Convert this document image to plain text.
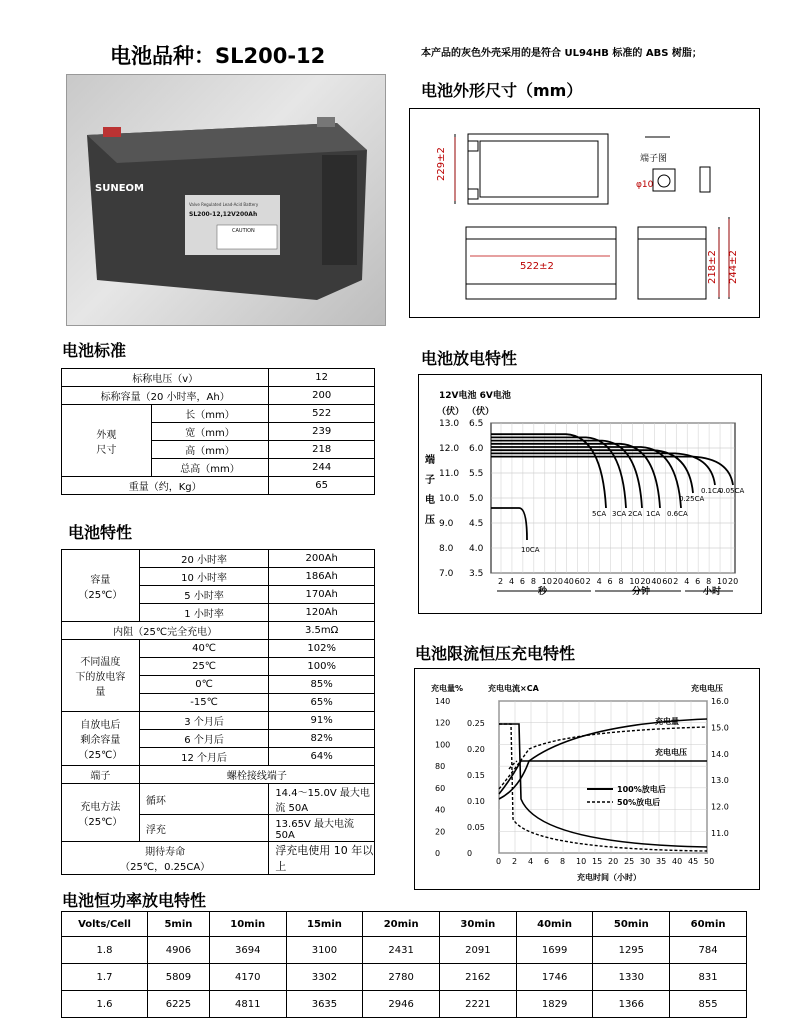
电池品种：SL200-12	本产品的灰色外壳采用的是符合 UL94HB 标准的 ABS 树脂；
SUNEOM
Valve Regulated Lead-Acid Battery
SL200-12,12V200Ah
CAUTION
电池外形尺寸（mm）
229±2
522±2	218±2 244±2
φ10
端子图
电池标准
标称电压（v）		12
标称容量（20 小时率，Ah）		200
外观
尺寸	长（mm）	522
	宽（mm）	239
	高（mm）	218
	总高（mm）	244
重量（约，Kg）		65
电池特性
容量
（25℃）	20 小时率	200Ah
	10 小时率	186Ah
	5 小时率	170Ah
	1 小时率	120Ah
内阻（25℃完全充电）		3.5mΩ
不同温度
下的放电容
量	40℃	102%
	25℃	100%
	0℃	85%
	-15℃	65%
自放电后
剩余容量
（25℃）	3 个月后	91%
	6 个月后	82%
	12 个月后	64%
端子	螺栓接线端子	
充电方法
（25℃）	循环	14.4～15.0V 最大电流 50A
	浮充	13.65V 最大电流 50A
期待寿命
（25℃，0.25CA）		浮充电使用 10 年以上
电池放电特性
13.0 6.5
12.0 6.0
11.0 5.5
10.0 5.0
9.0 4.5
8.0 4.0
7.0 3.5
2 4 6 8 10 20 40 60 2 4 6 8 10 20 40 60 2 4 6 8 10 20
12V电池 6V电池
（伏） （伏）
端
子
电
压
秒	分钟	小时
10CA
5CA 3CA 2CA 1CA 0.6CA
0.25CA
0.1CA
0.05CA
电池限流恒压充电特性
充电量%	充电电流×CA	充电电压
140
120
100
80
60
40
20
0
0.25
0.20
0.15
0.10
0.05
0
16.0
15.0
14.0
13.0
12.0
11.0
0 2 4 6 8 10 15 20 25 30 35 40 45 50
充电时间（小时）
充电量
充电电压
100%放电后
50%放电后
电池恒功率放电特性
Volts/Cell	5min	10min	15min	20min	30min	40min	50min	60min
1.8	4906	3694	3100	2431	2091	1699	1295	784
1.7	5809	4170	3302	2780	2162	1746	1330	831
1.6	6225	4811	3635	2946	2221	1829	1366	855
